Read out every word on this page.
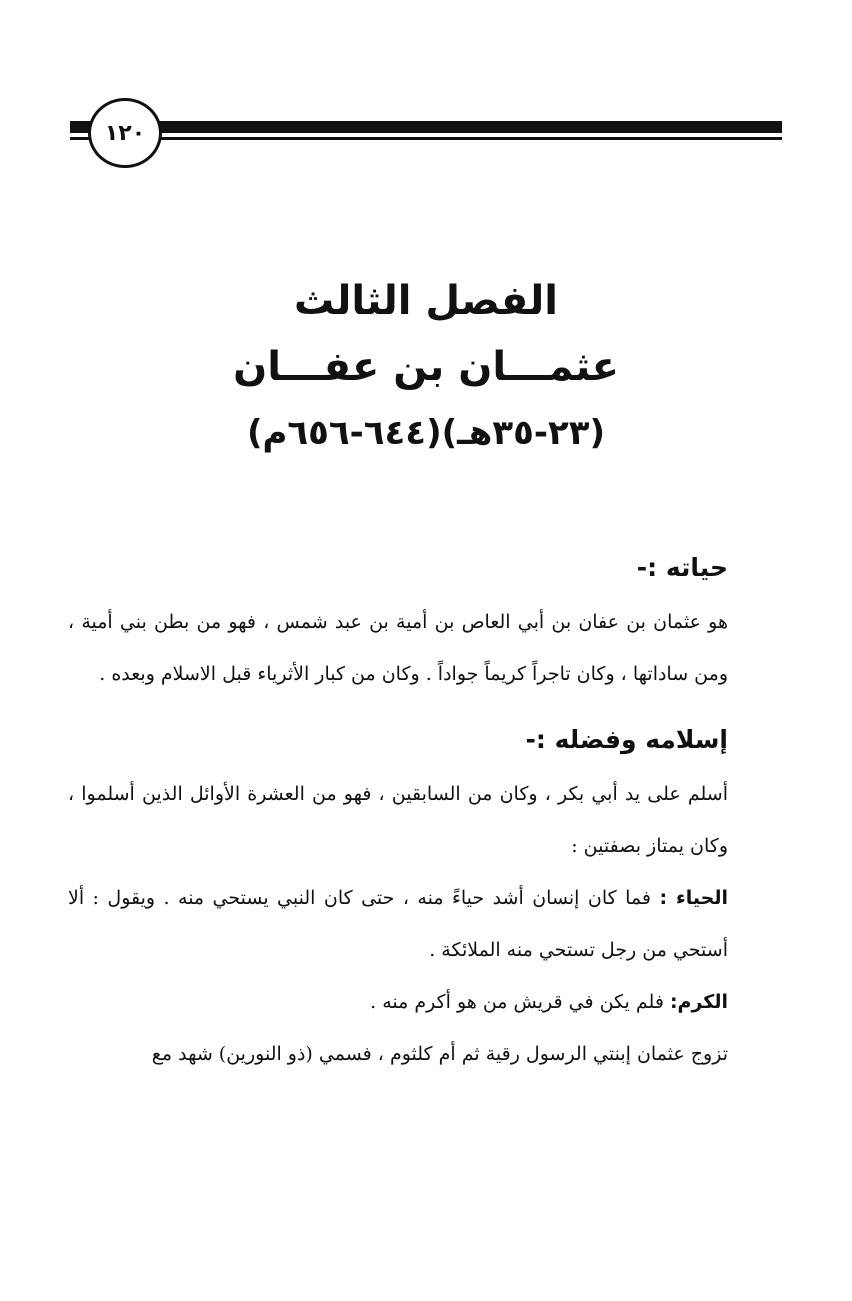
١٢٠
الفصل الثالث
عثمـــان بن عفـــان
(٢٣-٣٥هـ)(٦٤٤-٦٥٦م)
حياته :-
هو عثمان بن عفان بن أبي العاص بن أمية بن عبد شمس ، فهو من بطن بني أمية ، ومن ساداتها ، وكان تاجراً كريماً جواداً . وكان من كبار الأثرياء قبل الاسلام وبعده .
إسلامه وفضله :-
أسلم على يد أبي بكر ، وكان من السابقين ، فهو من العشرة الأوائل الذين أسلموا ، وكان يمتاز بصفتين :
الحياء : فما كان إنسان أشد حياءً منه ، حتى كان النبي يستحي منه . ويقول : ألا أستحي من رجل تستحي منه الملائكة .
الكرم: فلم يكن في قريش من هو أكرم منه .
تزوج عثمان إبنتي الرسول رقية ثم أم كلثوم ، فسمي (ذو النورين) شهد مع
